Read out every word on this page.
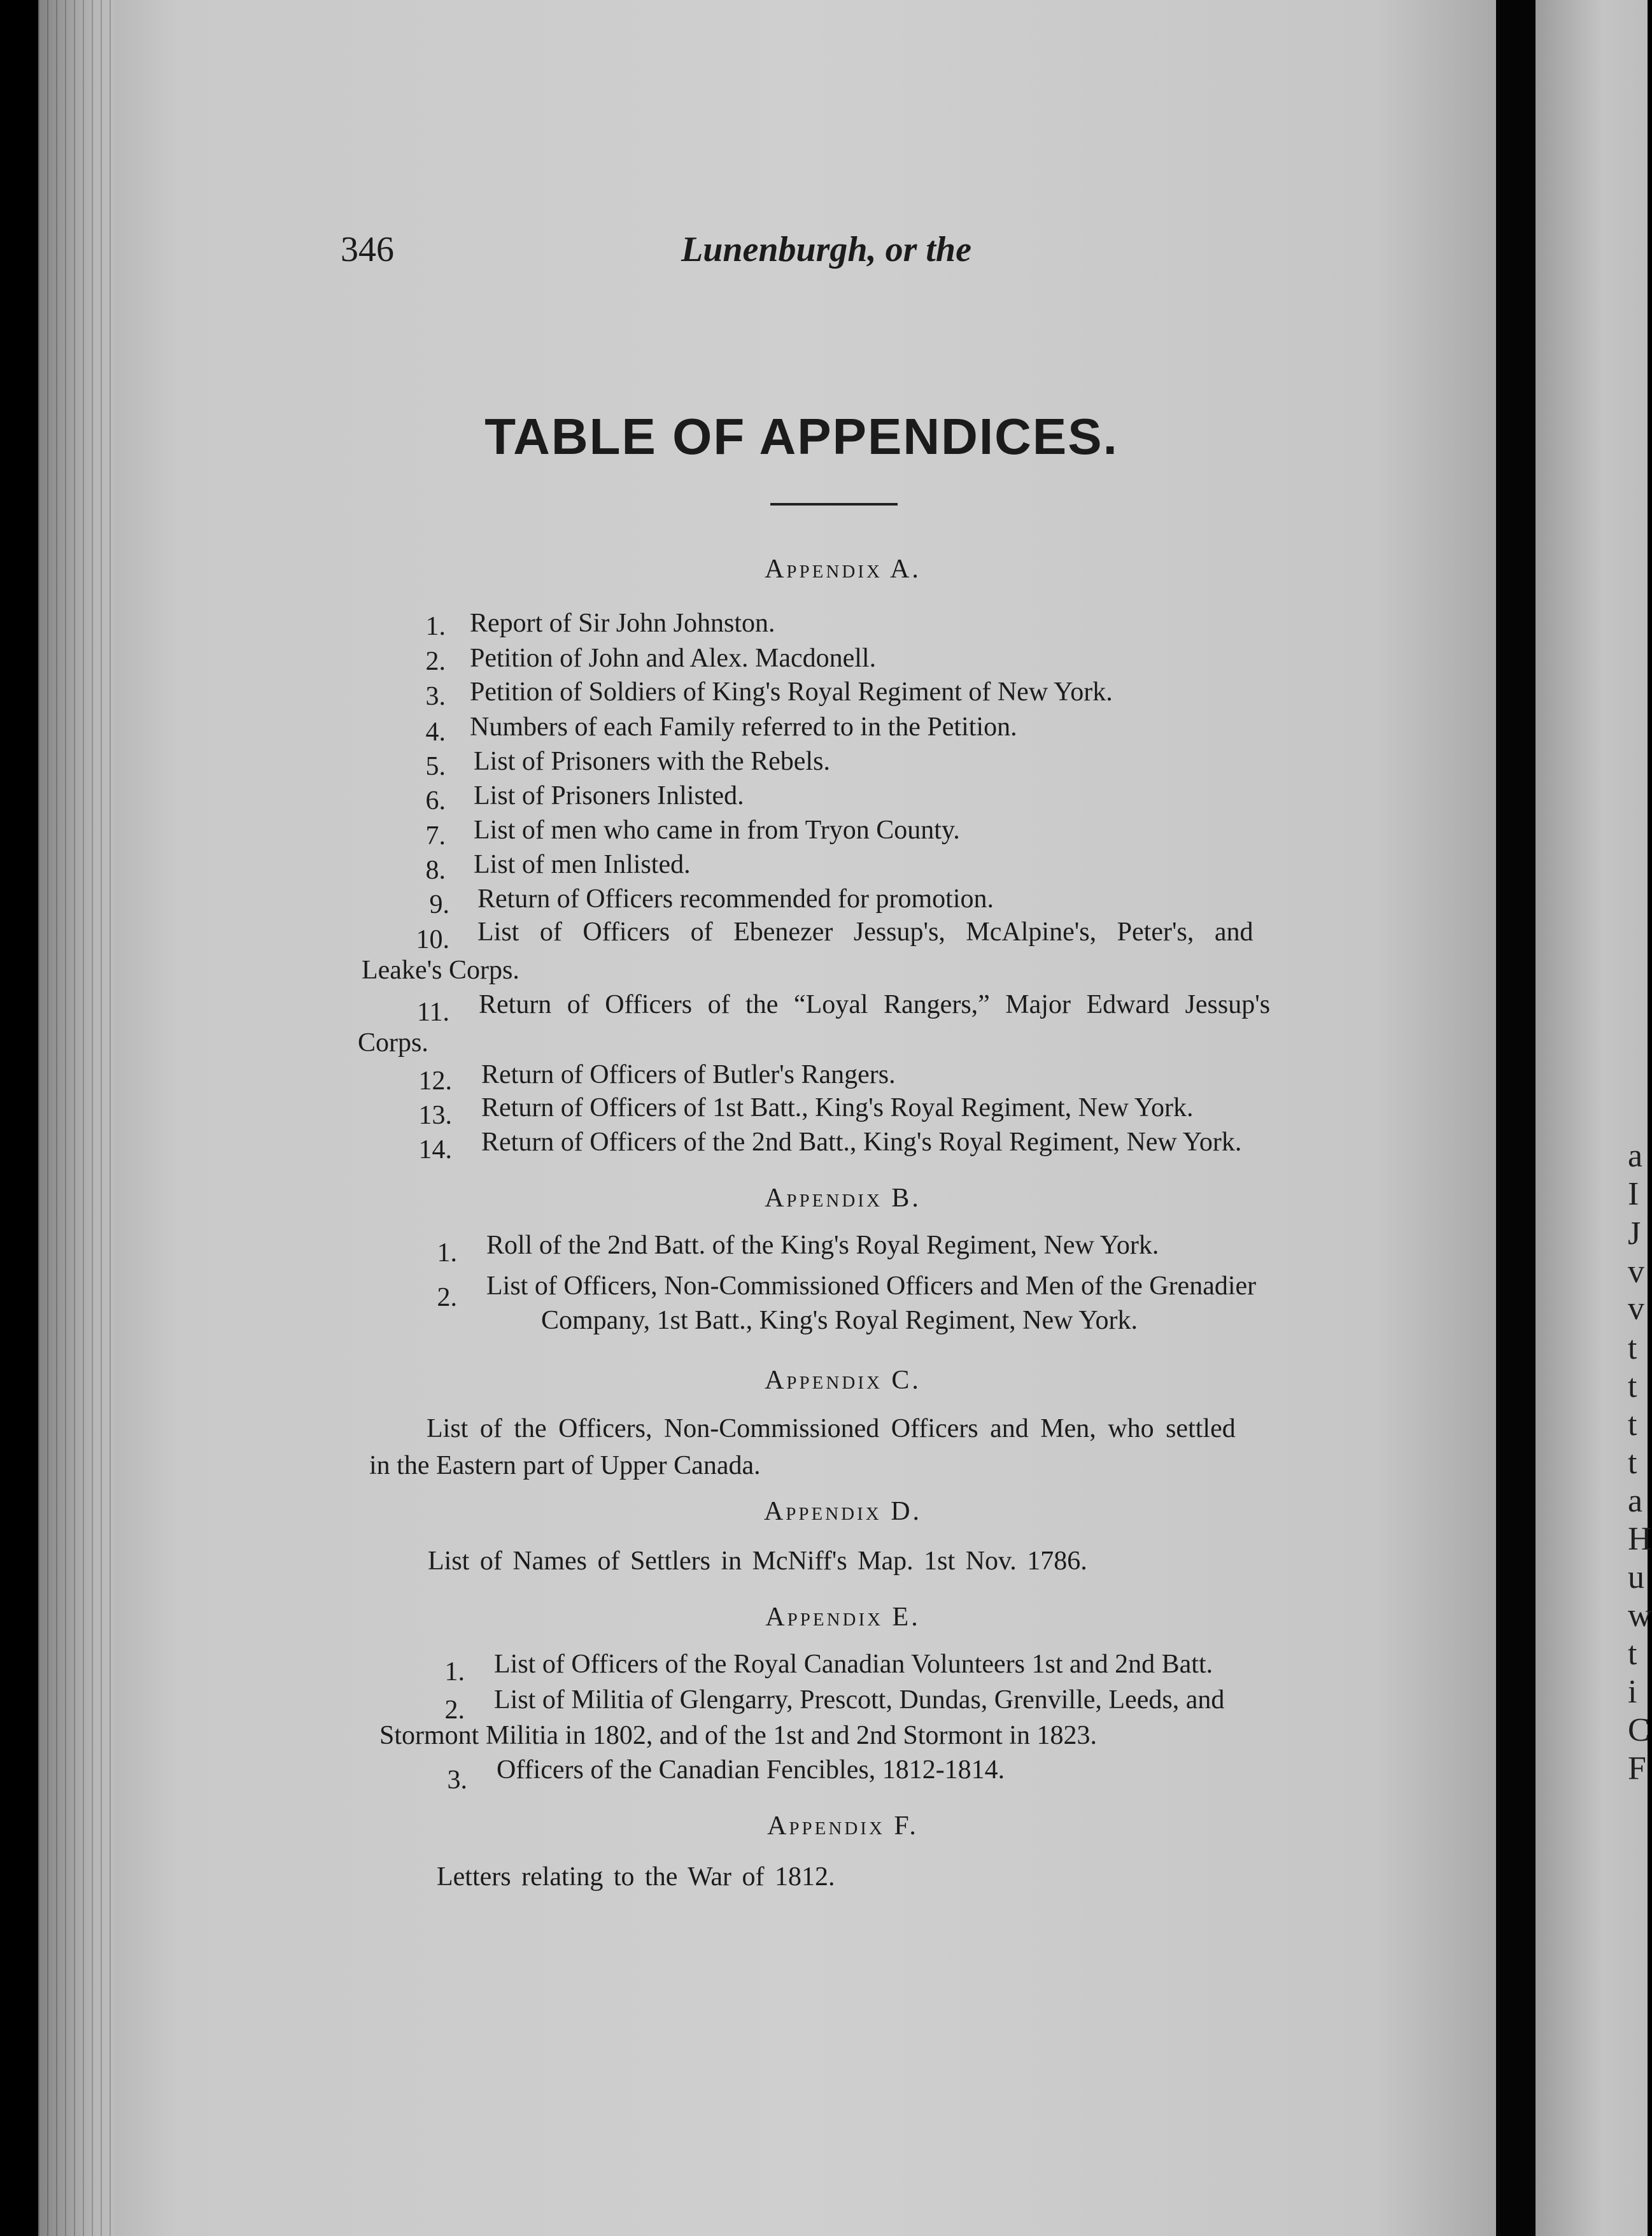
a
I
J
v
v
t
t
t
t
a
H
u
w
t
i
C
F
346	Lunenburgh, or the
TABLE OF APPENDICES.
Appendix A.
1. Report of Sir John Johnston.
2. Petition of John and Alex. Macdonell.
3. Petition of Soldiers of King's Royal Regiment of New York.
4. Numbers of each Family referred to in the Petition.
5. List of Prisoners with the Rebels.
6. List of Prisoners Inlisted.
7. List of men who came in from Tryon County.
8. List of men Inlisted.
9. Return of Officers recommended for promotion.
10. List of Officers of Ebenezer Jessup's, McAlpine's, Peter's, and
Leake's Corps.
11. Return of Officers of the “Loyal Rangers,” Major Edward Jessup's
Corps.
12. Return of Officers of Butler's Rangers.
13. Return of Officers of 1st Batt., King's Royal Regiment, New York.
14. Return of Officers of the 2nd Batt., King's Royal Regiment, New York.
Appendix B.
1. Roll of the 2nd Batt. of the King's Royal Regiment, New York.
2. List of Officers, Non-Commissioned Officers and Men of the Grenadier
Company, 1st Batt., King's Royal Regiment, New York.
Appendix C.
List of the Officers, Non-Commissioned Officers and Men, who settled
in the Eastern part of Upper Canada.
Appendix D.
List of Names of Settlers in McNiff's Map. 1st Nov. 1786.
Appendix E.
1. List of Officers of the Royal Canadian Volunteers 1st and 2nd Batt.
2. List of Militia of Glengarry, Prescott, Dundas, Grenville, Leeds, and
Stormont Militia in 1802, and of the 1st and 2nd Stormont in 1823.
3. Officers of the Canadian Fencibles, 1812-1814.
Appendix F.
Letters relating to the War of 1812.
